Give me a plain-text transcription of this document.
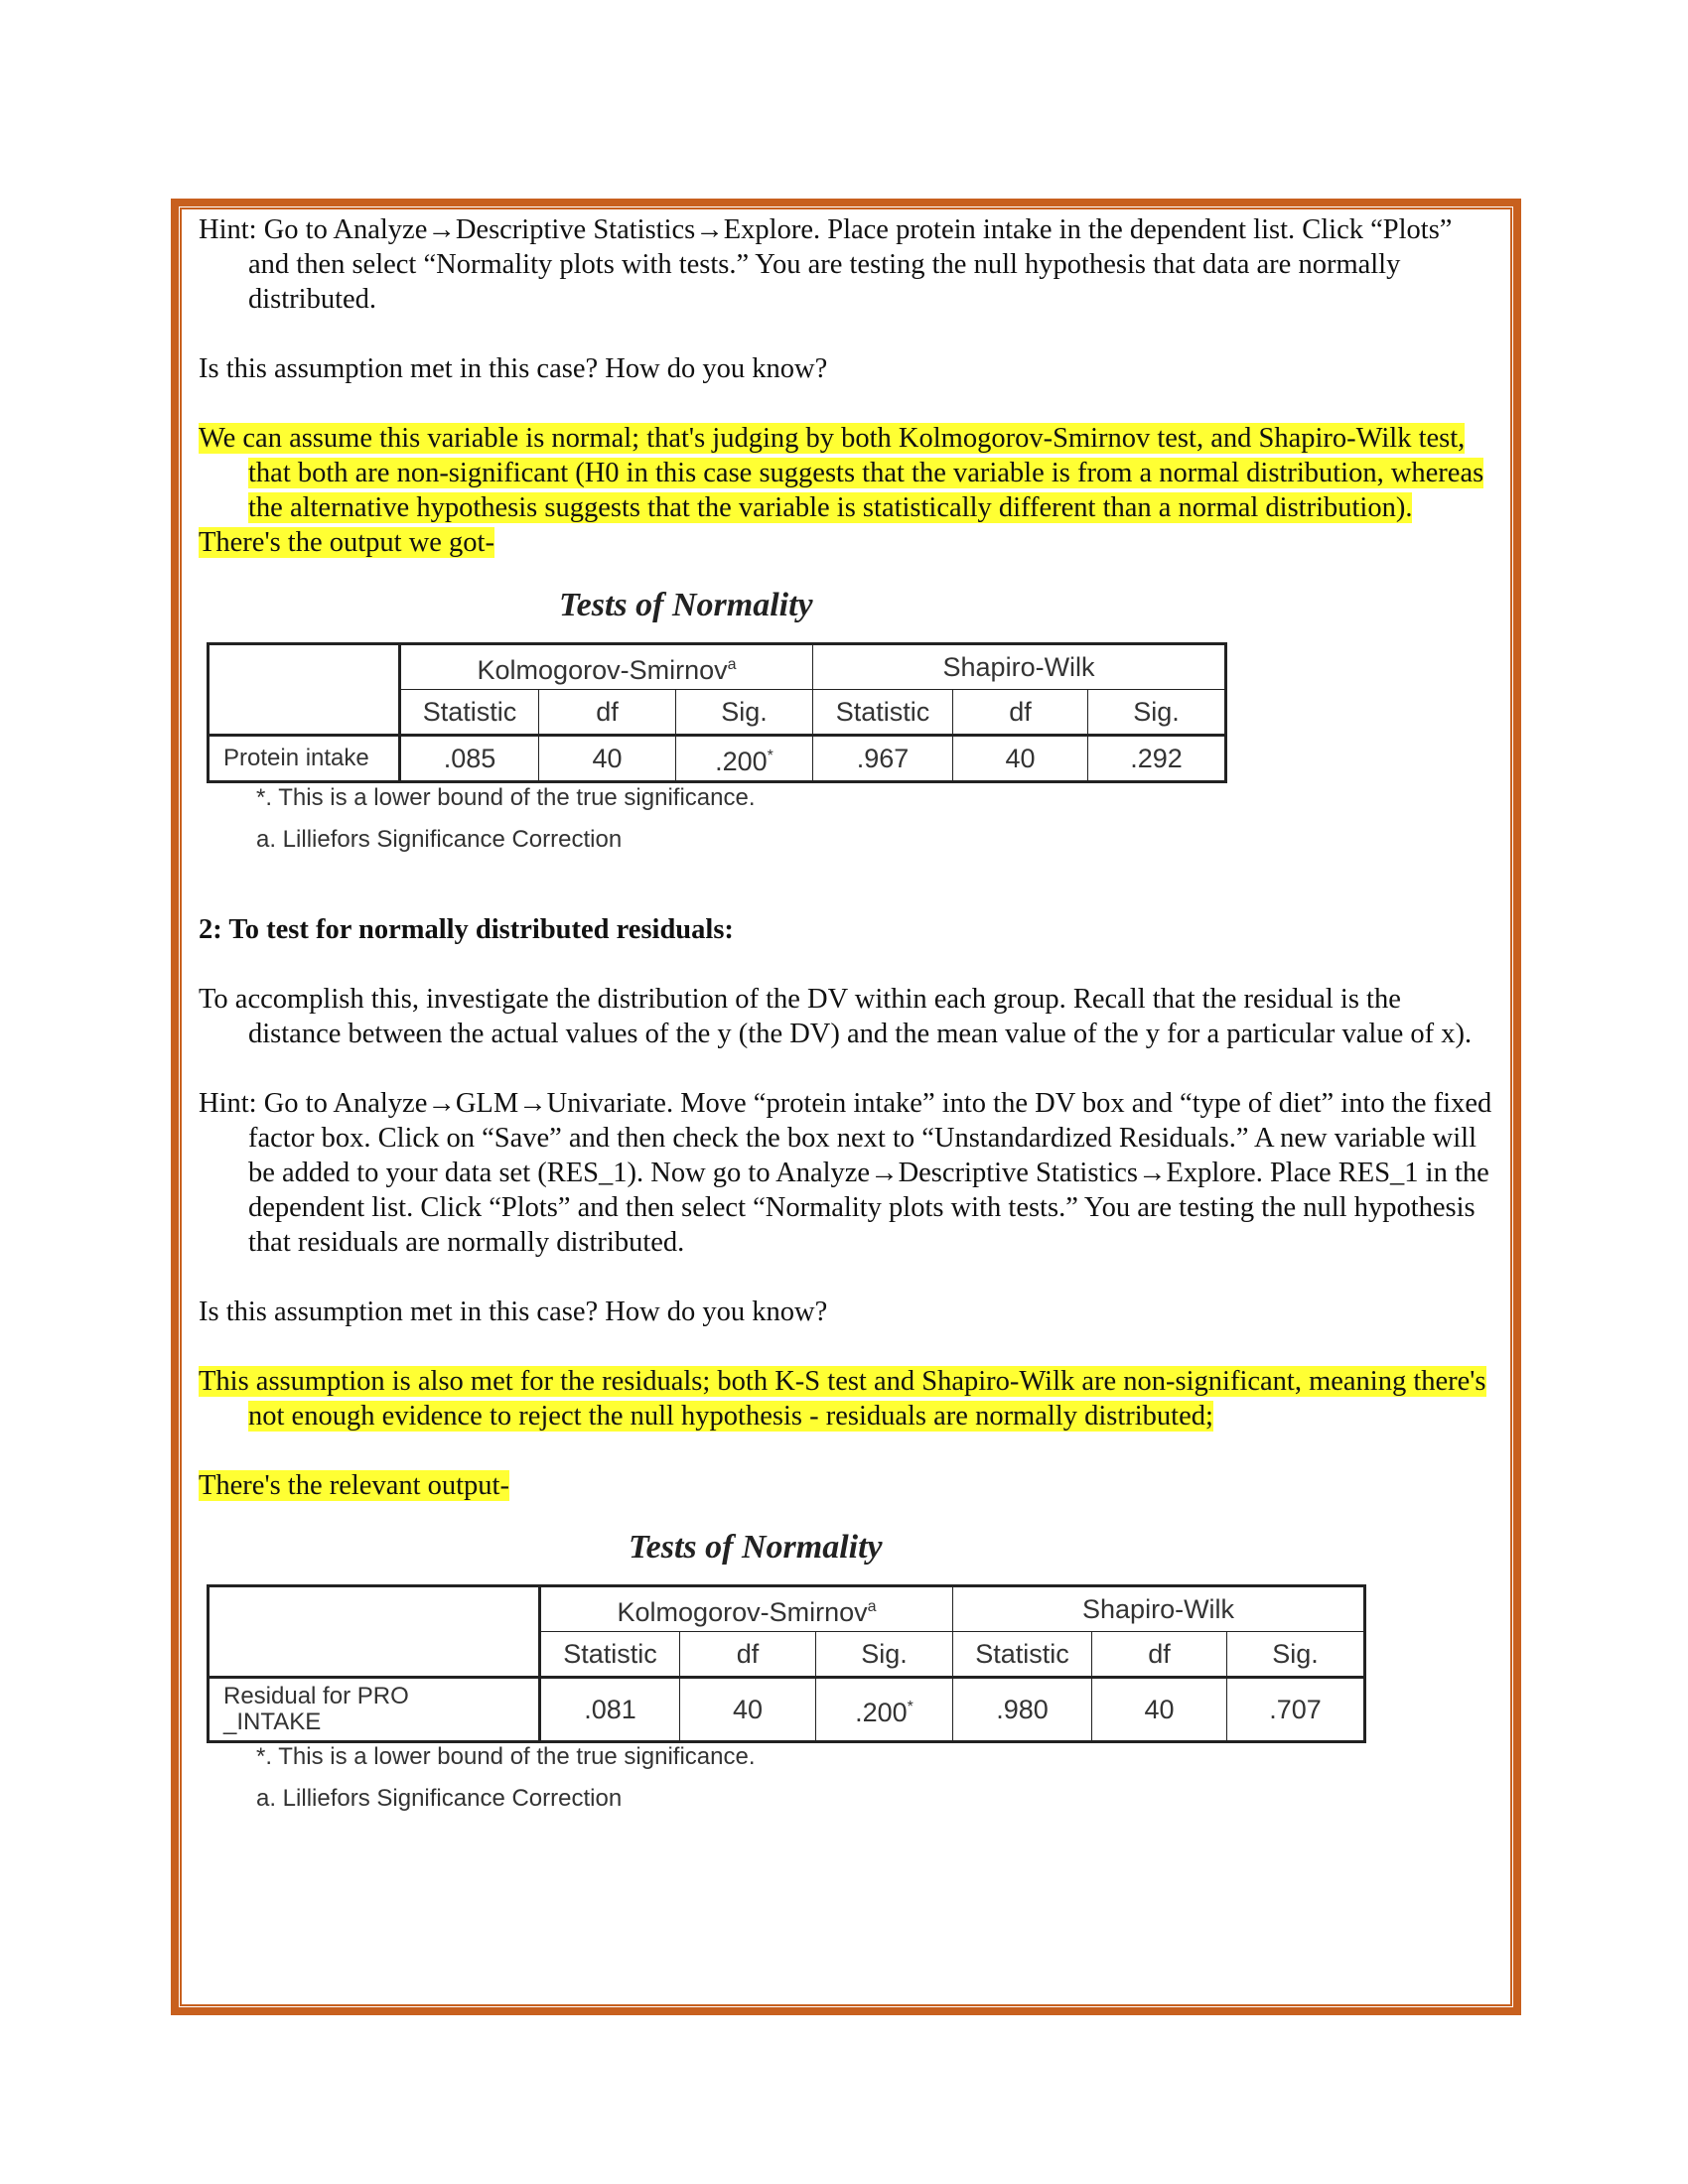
Hint: Go to Analyze→Descriptive Statistics→Explore. Place protein intake in the dependent list. Click “Plots” and then select “Normality plots with tests.” You are testing the null hypothesis that data are normally distributed.

Is this assumption met in this case? How do you know?

We can assume this variable is normal; that's judging by both Kolmogorov-Smirnov test, and Shapiro-Wilk test, that both are non-significant (H0 in this case suggests that the variable is from a normal distribution, whereas the alternative hypothesis suggests that the variable is statistically different than a normal distribution).

There's the output we got-

Tests of Normality
	Kolmogorov-Smirnov$^a$			Shapiro-Wilk		
	Statistic	df	Sig.	Statistic	df	Sig.
Protein intake	.085	40	.200*	.967	40	.292
*. This is a lower bound of the true significance.
a. Lilliefors Significance Correction

2: To test for normally distributed residuals:

To accomplish this, investigate the distribution of the DV within each group. Recall that the residual is the distance between the actual values of the y (the DV) and the mean value of the y for a particular value of x).

Hint: Go to Analyze→GLM→Univariate. Move “protein intake” into the DV box and “type of diet” into the fixed factor box. Click on “Save” and then check the box next to “Unstandardized Residuals.” A new variable will be added to your data set (RES_1). Now go to Analyze→Descriptive Statistics→Explore. Place RES_1 in the dependent list. Click “Plots” and then select “Normality plots with tests.” You are testing the null hypothesis that residuals are normally distributed.

Is this assumption met in this case? How do you know?

This assumption is also met for the residuals; both K-S test and Shapiro-Wilk are non-significant, meaning there's not enough evidence to reject the null hypothesis - residuals are normally distributed;

There's the relevant output-

Tests of Normality
	Kolmogorov-Smirnov$^a$			Shapiro-Wilk		
	Statistic	df	Sig.	Statistic	df	Sig.

Residual for PRO_INTAKE	.081	40	.200*	.980	40	.707
*. This is a lower bound of the true significance.
a. Lilliefors Significance Correction
